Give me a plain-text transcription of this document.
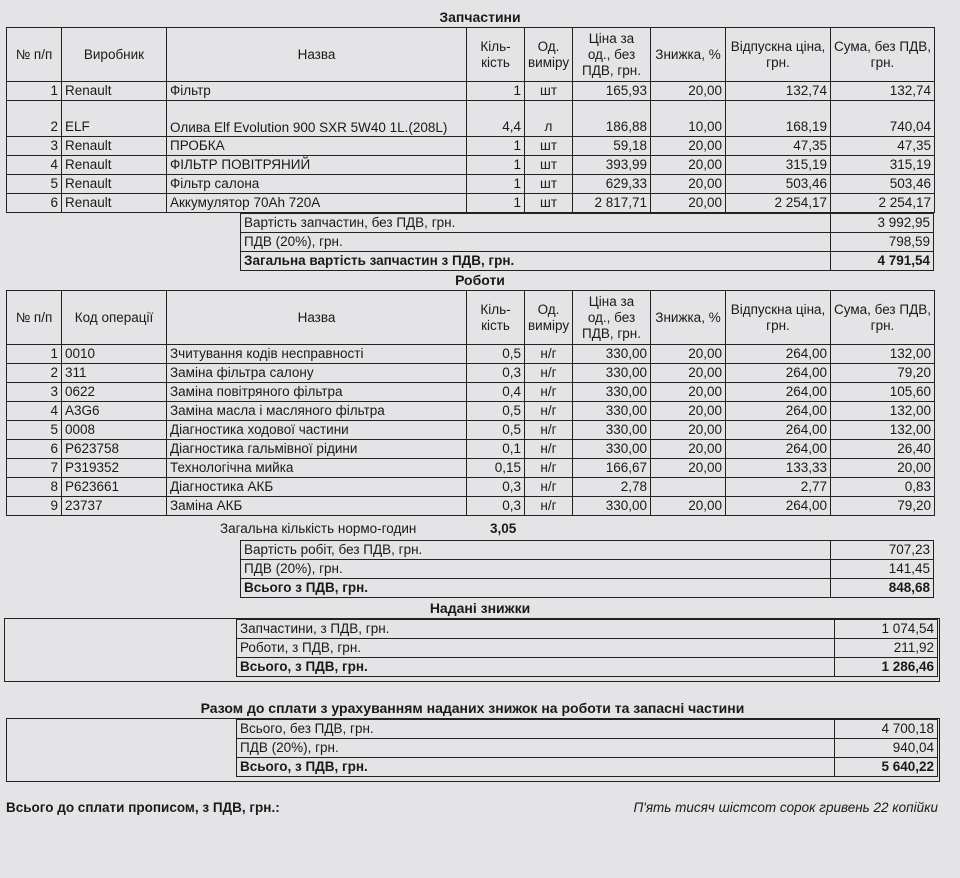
Запчастини
№ п/п	Виробник	Назва	Кіль-кість	Од. виміру	Ціна за од., без ПДВ, грн.	Знижка, %	Відпускна ціна, грн.	Сума, без ПДВ, грн.
1	Renault	Фільтр	1	шт	165,93	20,00	132,74	132,74
2	ELF	Олива Elf Evolution 900 SXR 5W40 1L.(208L)	4,4	л	186,88	10,00	168,19	740,04
3	Renault	ПРОБКА	1	шт	59,18	20,00	47,35	47,35
4	Renault	ФІЛЬТР ПОВІТРЯНИЙ	1	шт	393,99	20,00	315,19	315,19
5	Renault	Фільтр салона	1	шт	629,33	20,00	503,46	503,46
6	Renault	Аккумулятор 70Ah 720A	1	шт	2 817,71	20,00	2 254,17	2 254,17
Вартість запчастин, без ПДВ, грн.	3 992,95
ПДВ (20%), грн.	798,59
Загальна вартість запчастин з ПДВ, грн.	4 791,54
Роботи
№ п/п	Код операції	Назва	Кіль-кість	Од. виміру	Ціна за од., без ПДВ, грн.	Знижка, %	Відпускна ціна, грн.	Сума, без ПДВ, грн.
1	0010	Зчитування кодів несправності	0,5	н/г	330,00	20,00	264,00	132,00
2	311	Заміна фільтра салону	0,3	н/г	330,00	20,00	264,00	79,20
3	0622	Заміна повітряного фільтра	0,4	н/г	330,00	20,00	264,00	105,60
4	A3G6	Заміна масла і масляного фільтра	0,5	н/г	330,00	20,00	264,00	132,00
5	0008	Діагностика ходової частини	0,5	н/г	330,00	20,00	264,00	132,00
6	P623758	Діагностика гальмівної рідини	0,1	н/г	330,00	20,00	264,00	26,40
7	P319352	Технологічна мийка	0,15	н/г	166,67	20,00	133,33	20,00
8	P623661	Діагностика АКБ	0,3	н/г	2,78		2,77	0,83
9	23737	Заміна АКБ	0,3	н/г	330,00	20,00	264,00	79,20
Загальна кількість нормо-годин	3,05
Вартість робіт, без ПДВ, грн.	707,23
ПДВ (20%), грн.	141,45
Всього з ПДВ, грн.	848,68
Надані знижки
Запчастини, з ПДВ, грн.	1 074,54
Роботи, з ПДВ, грн.	211,92
Всього, з ПДВ, грн.	1 286,46
Разом до сплати з урахуванням наданих знижок на роботи та запасні частини
Всього, без ПДВ, грн.	4 700,18
ПДВ (20%), грн.	940,04
Всього, з ПДВ, грн.	5 640,22
Всього до сплати прописом, з ПДВ, грн.:	П'ять тисяч шістсот сорок гривень 22 копійки
